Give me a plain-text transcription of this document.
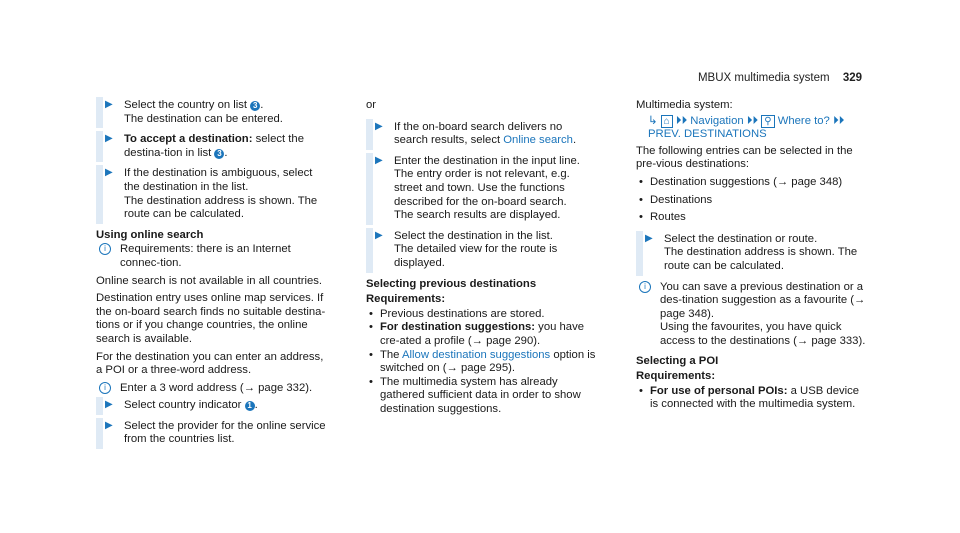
MBUX multimedia system 329
▶ Select the country on list 3 .
The destination can be entered.
▶ To accept a destination: select the destina-tion in list 3 .
▶ If the destination is ambiguous, select the destination in the list.
The destination address is shown. The route can be calculated.
Using online search
i	Requirements: there is an Internet connec-tion.

Online search is not available in all countries.

Destination entry uses online map services. If the on-board search finds no suitable destina-tions or if you change countries, the online search is available.

For the destination you can enter an address, a POI or a three-word address.

i	Enter a 3 word address (→ page 332).
▶ Select country indicator 1 .
▶ Select the provider for the online service from the countries list.

or

▶ If the on-board search delivers no search results, select Online search.
▶ Enter the destination in the input line. The entry order is not relevant, e.g. street and town. Use the functions described for the on-board search.
The search results are displayed.
▶ Select the destination in the list.
The detailed view for the route is displayed.
Selecting previous destinations
Requirements:
• Previous destinations are stored.
• For destination suggestions: you have cre-ated a profile (→ page 290).
• The Allow destination suggestions option is switched on (→ page 295).
• The multimedia system has already gathered sufficient data in order to show destination suggestions.

Multimedia system:

↳ ⌂ ⏵⏵ Navigation ⏵⏵ ⚲ Where to? ⏵⏵ PREV. DESTINATIONS

The following entries can be selected in the pre-vious destinations:

• Destination suggestions (→ page 348)
• Destinations
• Routes
▶ Select the destination or route.
The destination address is shown. The route can be calculated.
i	You can save a previous destination or a des-tination suggestion as a favourite (→ page 348).
Using the favourites, you have quick access to the destinations (→ page 333).
Selecting a POI
Requirements:
• For use of personal POIs: a USB device is connected with the multimedia system.
